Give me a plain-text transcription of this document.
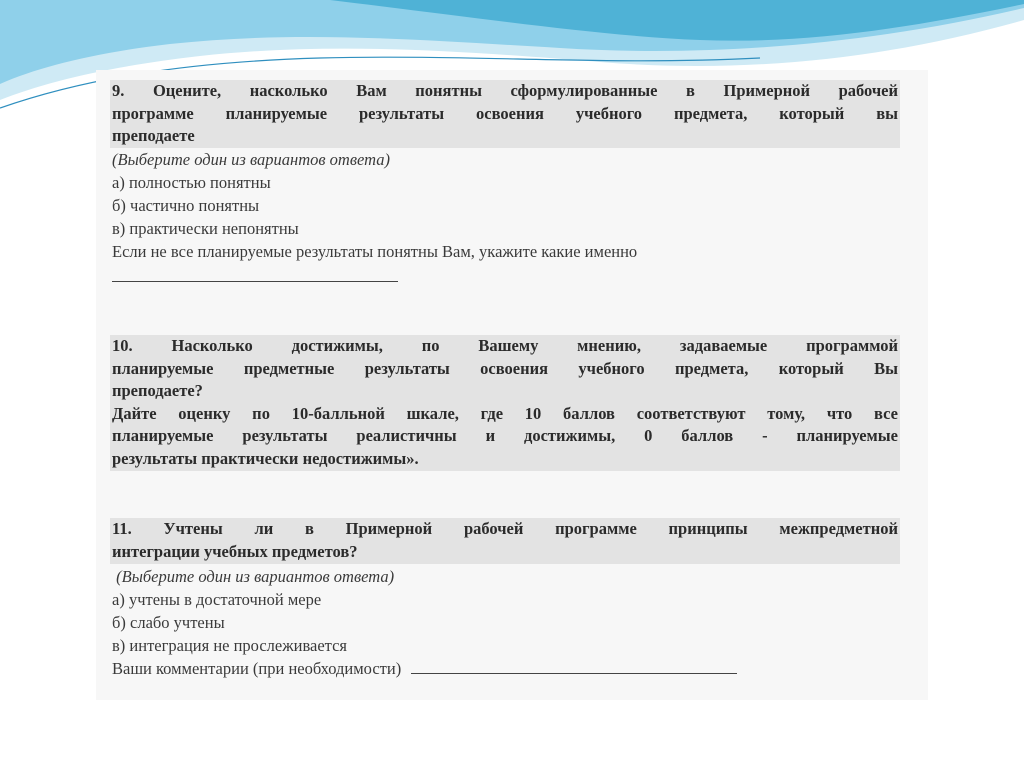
9. Оцените, насколько Вам понятны сформулированные в Примерной рабочей
программе планируемые результаты освоения учебного предмета, который вы
преподаете
(Выберите один из вариантов ответа)
а) полностью понятны
б) частично понятны
в) практически непонятны
Если не все планируемые результаты понятны Вам, укажите какие именно
10. Насколько достижимы, по Вашему мнению, задаваемые программой
планируемые предметные результаты освоения учебного предмета, который Вы
преподаете?
Дайте оценку по 10-балльной шкале, где 10 баллов соответствуют тому, что все
планируемые результаты реалистичны и достижимы, 0 баллов - планируемые
результаты практически недостижимы».
11. Учтены ли в Примерной рабочей программе принципы межпредметной
интеграции учебных предметов?
(Выберите один из вариантов ответа)
а) учтены в достаточной мере
б) слабо учтены
в) интеграция не прослеживается
Ваши комментарии (при необходимости)
